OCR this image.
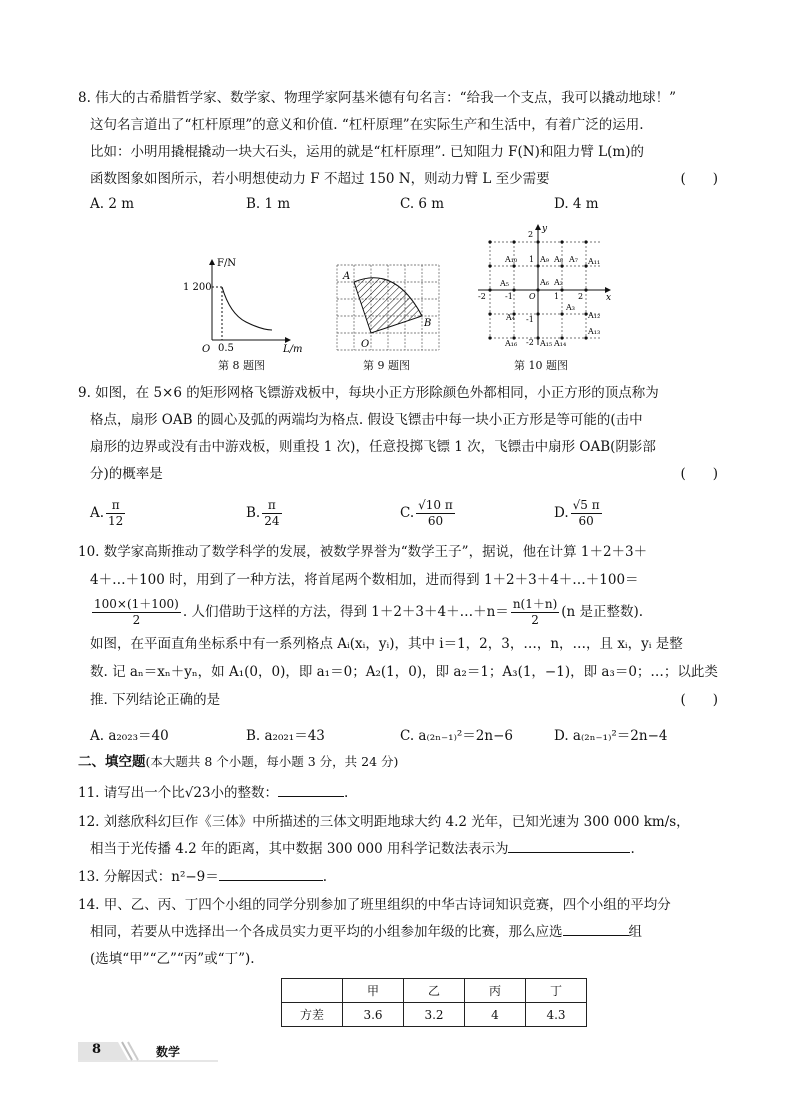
8. 伟大的古希腊哲学家、数学家、物理学家阿基米德有句名言：“给我一个支点，我可以撬动地球！”
这句名言道出了“杠杆原理”的意义和价值. “杠杆原理”在实际生产和生活中，有着广泛的运用.
比如：小明用撬棍撬动一块大石头，运用的就是“杠杆原理”. 已知阻力 F(N)和阻力臂 L(m)的
函数图象如图所示，若小明想使动力 F 不超过 150 N，则动力臂 L 至少需要	(　　)
A. 2 m	B. 1 m	C. 6 m	D. 4 m
F/N
1 200
0.5	L/m
O
A
B
O
y
x
2
1
-1
-2
-2 -1	1 2
O
A₁₀	A₉ A₈ A₇
A₆ A₂
A₃
A₄
A₅
A₁₁
A₁₂
A₁₃
A₁₄
A₁₅
A₁₆
第 8 题图	第 9 题图	第 10 题图
9. 如图，在 5×6 的矩形网格飞镖游戏板中，每块小正方形除颜色外都相同，小正方形的顶点称为
格点，扇形 OAB 的圆心及弧的两端均为格点. 假设飞镖击中每一块小正方形是等可能的(击中
扇形的边界或没有击中游戏板，则重投 1 次)，任意投掷飞镖 1 次，飞镖击中扇形 OAB(阴影部
分)的概率是	(　　)
A. $\frac{\pi}{12}$	B. $\frac{\pi}{24}$	C. $\frac{√10 \pi}{60}$	D. $\frac{√5 \pi}{60}$
10. 数学家高斯推动了数学科学的发展，被数学界誉为“数学王子”，据说，他在计算 1＋2＋3＋
4＋…＋100 时，用到了一种方法，将首尾两个数相加，进而得到 1＋2＋3＋4＋…＋100＝
$\frac{100\times(1+100)}{2}$ . 人们借助于这样的方法，得到 1＋2＋3＋4＋…＋n＝ $\frac{n(1+n)}{2} (n$ 是正整数).
如图，在平面直角坐标系中有一系列格点 Aᵢ(xᵢ，yᵢ)，其中 i＝1，2，3，…，n，…，且 xᵢ，yᵢ 是整
数. 记 aₙ＝xₙ＋yₙ，如 A₁(0，0)，即 a₁＝0；A₂(1，0)，即 a₂＝1；A₃(1，−1)，即 a₃＝0；…；以此类
推. 下列结论正确的是	(　　)
A. a₂₀₂₃＝40	B. a₂₀₂₁＝43	C. a₍₂ₙ₋₁₎²＝2n−6	D. a₍₂ₙ₋₁₎²＝2n−4
二、填空题(本大题共 8 个小题，每小题 3 分，共 24 分)
11. 请写出一个比√23小的整数：	.
12. 刘慈欣科幻巨作《三体》中所描述的三体文明距地球大约 4.2 光年，已知光速为 300 000 km/s，
相当于光传播 4.2 年的距离，其中数据 300 000 用科学记数法表示为	.
13. 分解因式：n²−9＝	.
14. 甲、乙、丙、丁四个小组的同学分别参加了班里组织的中华古诗词知识竞赛，四个小组的平均分
相同，若要从中选择出一个各成员实力更平均的小组参加年级的比赛，那么应选	组
(选填“甲”“乙”“丙”或“丁”).
	甲	乙	丙	丁
方差	3.6	3.2	4	4.3
8	数学
